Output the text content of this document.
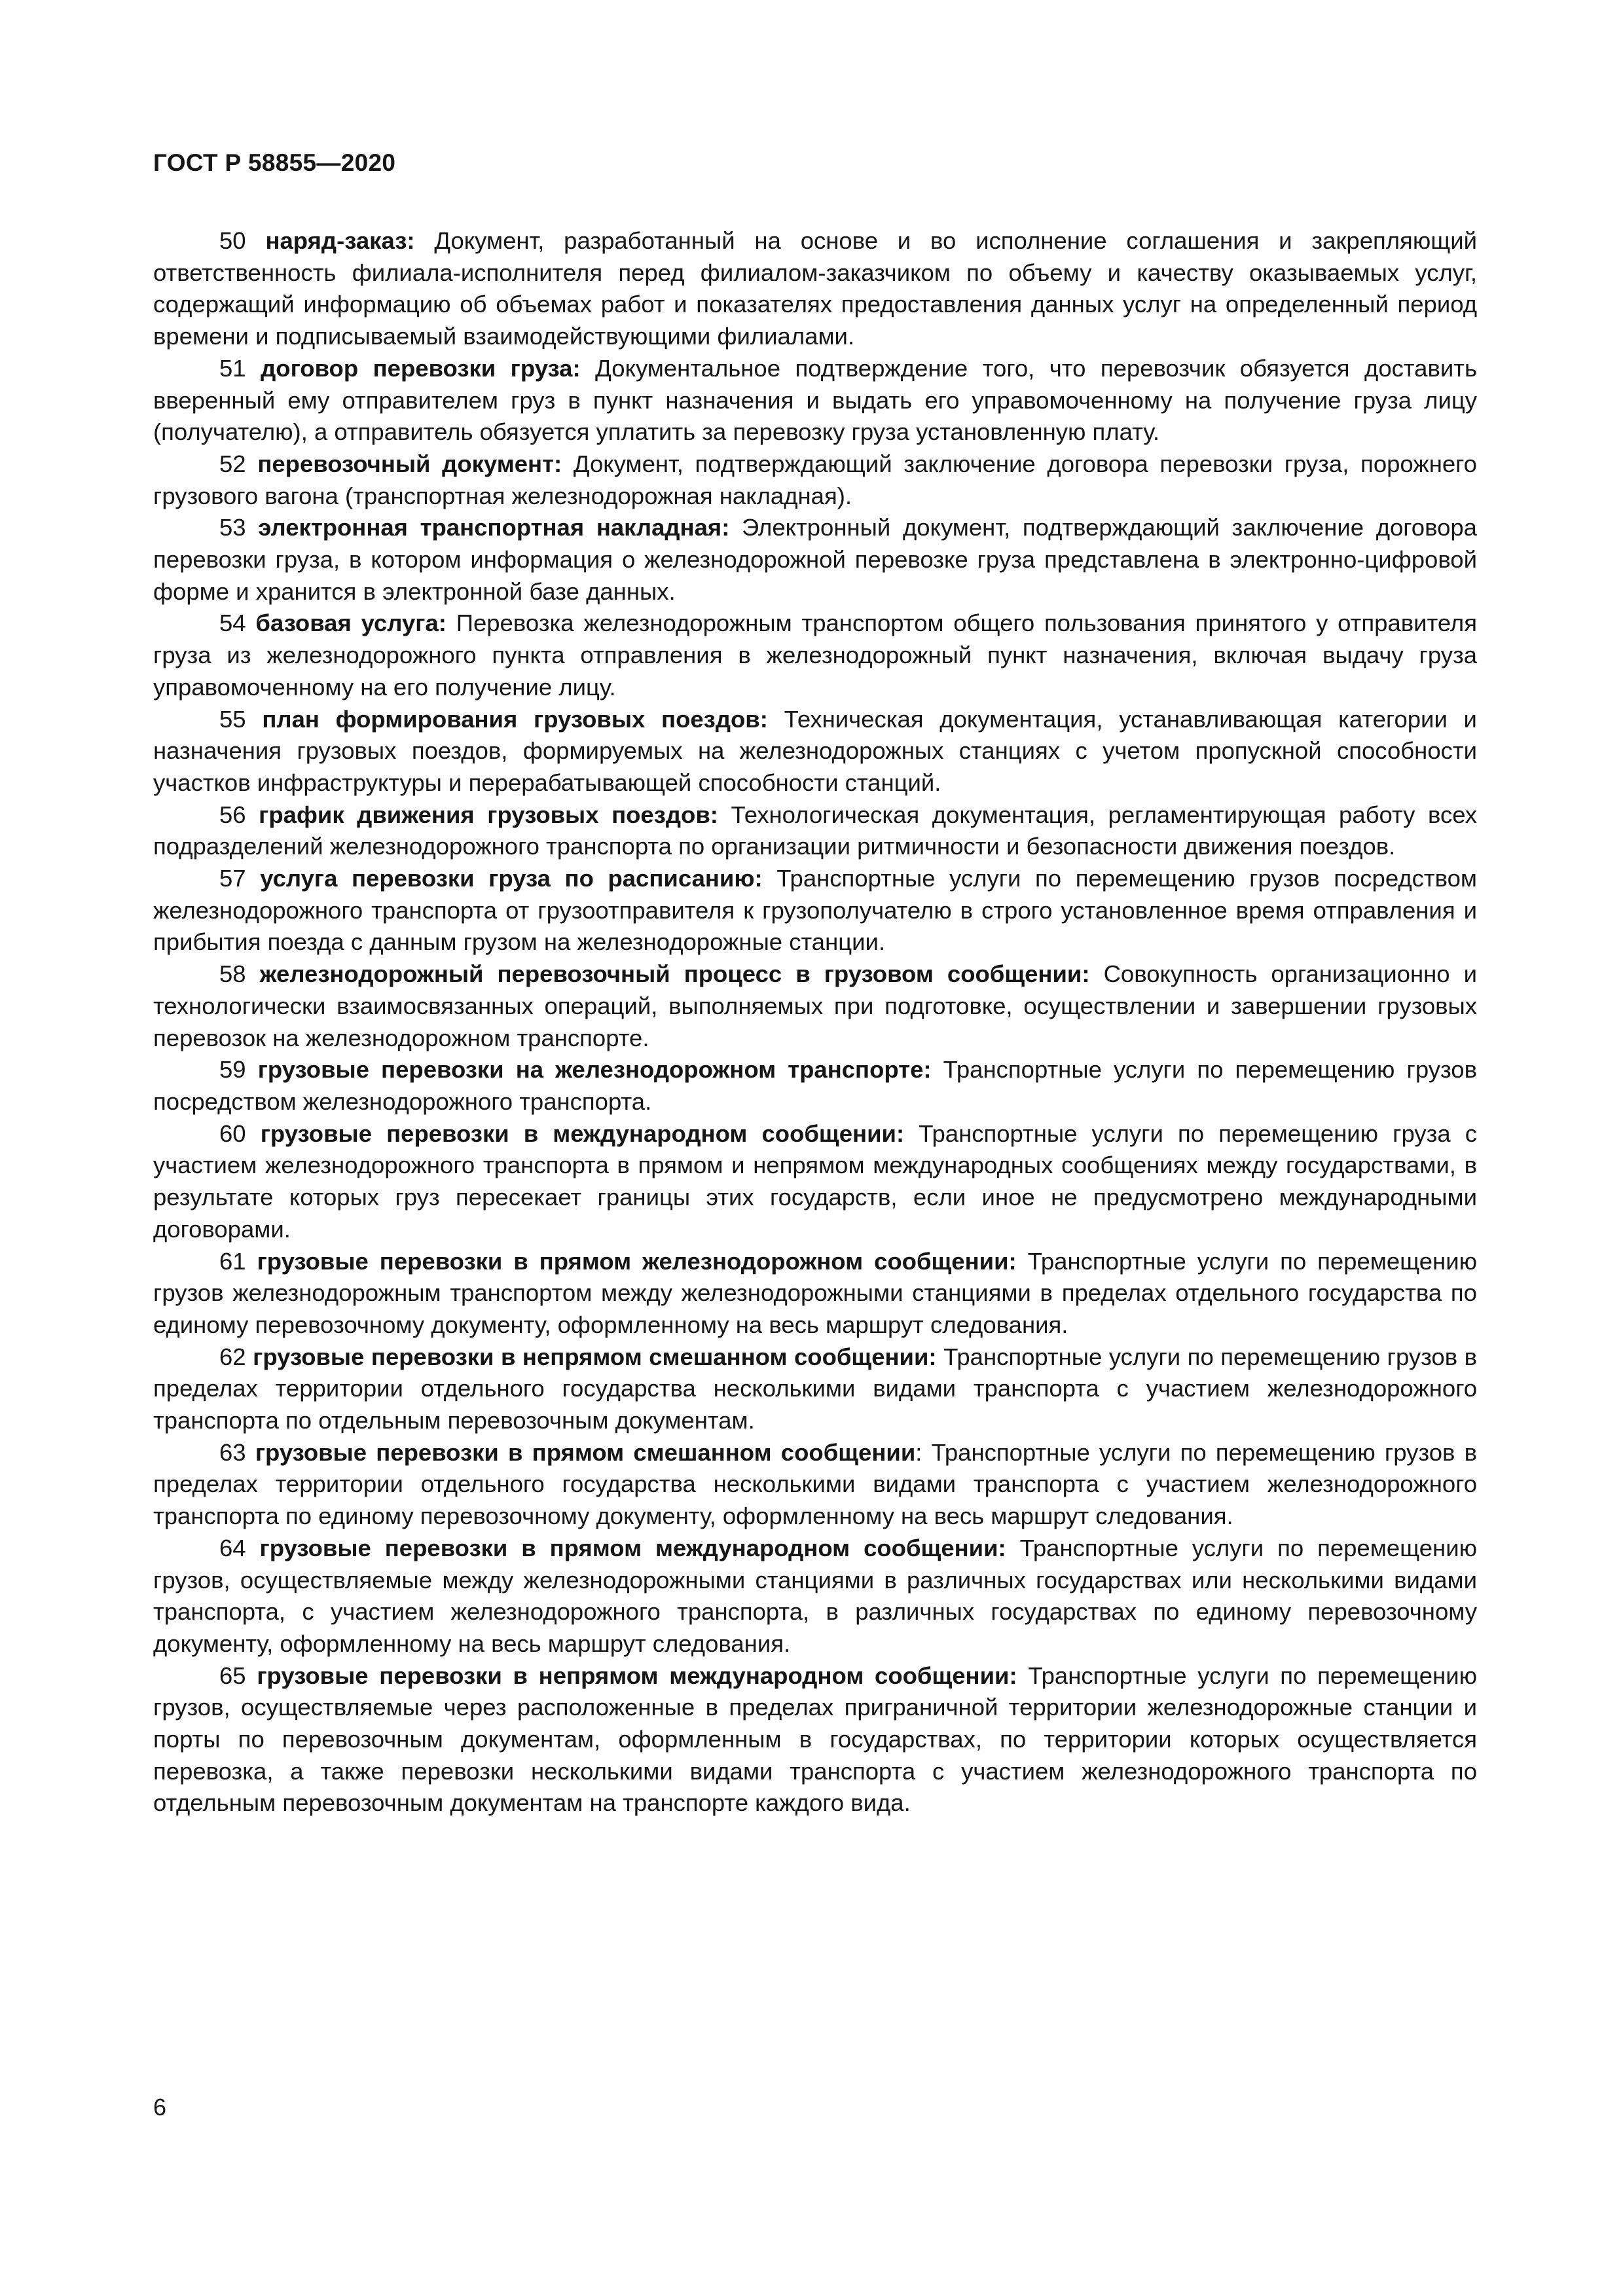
ГОСТ Р 58855—2020

50 наряд-заказ: Документ, разработанный на основе и во исполнение соглашения и закрепляющий ответственность филиала-исполнителя перед филиалом-заказчиком по объему и качеству оказываемых услуг, содержащий информацию об объемах работ и показателях предоставления данных услуг на определенный период времени и подписываемый взаимодействующими филиалами.

51 договор перевозки груза: Документальное подтверждение того, что перевозчик обязуется доставить вверенный ему отправителем груз в пункт назначения и выдать его управомоченному на получение груза лицу (получателю), а отправитель обязуется уплатить за перевозку груза установленную плату.

52 перевозочный документ: Документ, подтверждающий заключение договора перевозки груза, порожнего грузового вагона (транспортная железнодорожная накладная).

53 электронная транспортная накладная: Электронный документ, подтверждающий заключение договора перевозки груза, в котором информация о железнодорожной перевозке груза представлена в электронно-цифровой форме и хранится в электронной базе данных.

54 базовая услуга: Перевозка железнодорожным транспортом общего пользования принятого у отправителя груза из железнодорожного пункта отправления в железнодорожный пункт назначения, включая выдачу груза управомоченному на его получение лицу.

55 план формирования грузовых поездов: Техническая документация, устанавливающая категории и назначения грузовых поездов, формируемых на железнодорожных станциях с учетом пропускной способности участков инфраструктуры и перерабатывающей способности станций.

56 график движения грузовых поездов: Технологическая документация, регламентирующая работу всех подразделений железнодорожного транспорта по организации ритмичности и безопасности движения поездов.

57 услуга перевозки груза по расписанию: Транспортные услуги по перемещению грузов посредством железнодорожного транспорта от грузоотправителя к грузополучателю в строго установленное время отправления и прибытия поезда с данным грузом на железнодорожные станции.

58 железнодорожный перевозочный процесс в грузовом сообщении: Совокупность организационно и технологически взаимосвязанных операций, выполняемых при подготовке, осуществлении и завершении грузовых перевозок на железнодорожном транспорте.

59 грузовые перевозки на железнодорожном транспорте: Транспортные услуги по перемещению грузов посредством железнодорожного транспорта.

60 грузовые перевозки в международном сообщении: Транспортные услуги по перемещению груза с участием железнодорожного транспорта в прямом и непрямом международных сообщениях между государствами, в результате которых груз пересекает границы этих государств, если иное не предусмотрено международными договорами.

61 грузовые перевозки в прямом железнодорожном сообщении: Транспортные услуги по перемещению грузов железнодорожным транспортом между железнодорожными станциями в пределах отдельного государства по единому перевозочному документу, оформленному на весь маршрут следования.

62 грузовые перевозки в непрямом смешанном сообщении: Транспортные услуги по перемещению грузов в пределах территории отдельного государства несколькими видами транспорта с участием железнодорожного транспорта по отдельным перевозочным документам.

63 грузовые перевозки в прямом смешанном сообщении: Транспортные услуги по перемещению грузов в пределах территории отдельного государства несколькими видами транспорта с участием железнодорожного транспорта по единому перевозочному документу, оформленному на весь маршрут следования.

64 грузовые перевозки в прямом международном сообщении: Транспортные услуги по перемещению грузов, осуществляемые между железнодорожными станциями в различных государствах или несколькими видами транспорта, с участием железнодорожного транспорта, в различных государствах по единому перевозочному документу, оформленному на весь маршрут следования.

65 грузовые перевозки в непрямом международном сообщении: Транспортные услуги по перемещению грузов, осуществляемые через расположенные в пределах приграничной территории железнодорожные станции и порты по перевозочным документам, оформленным в государствах, по территории которых осуществляется перевозка, а также перевозки несколькими видами транспорта с участием железнодорожного транспорта по отдельным перевозочным документам на транспорте каждого вида.

6
